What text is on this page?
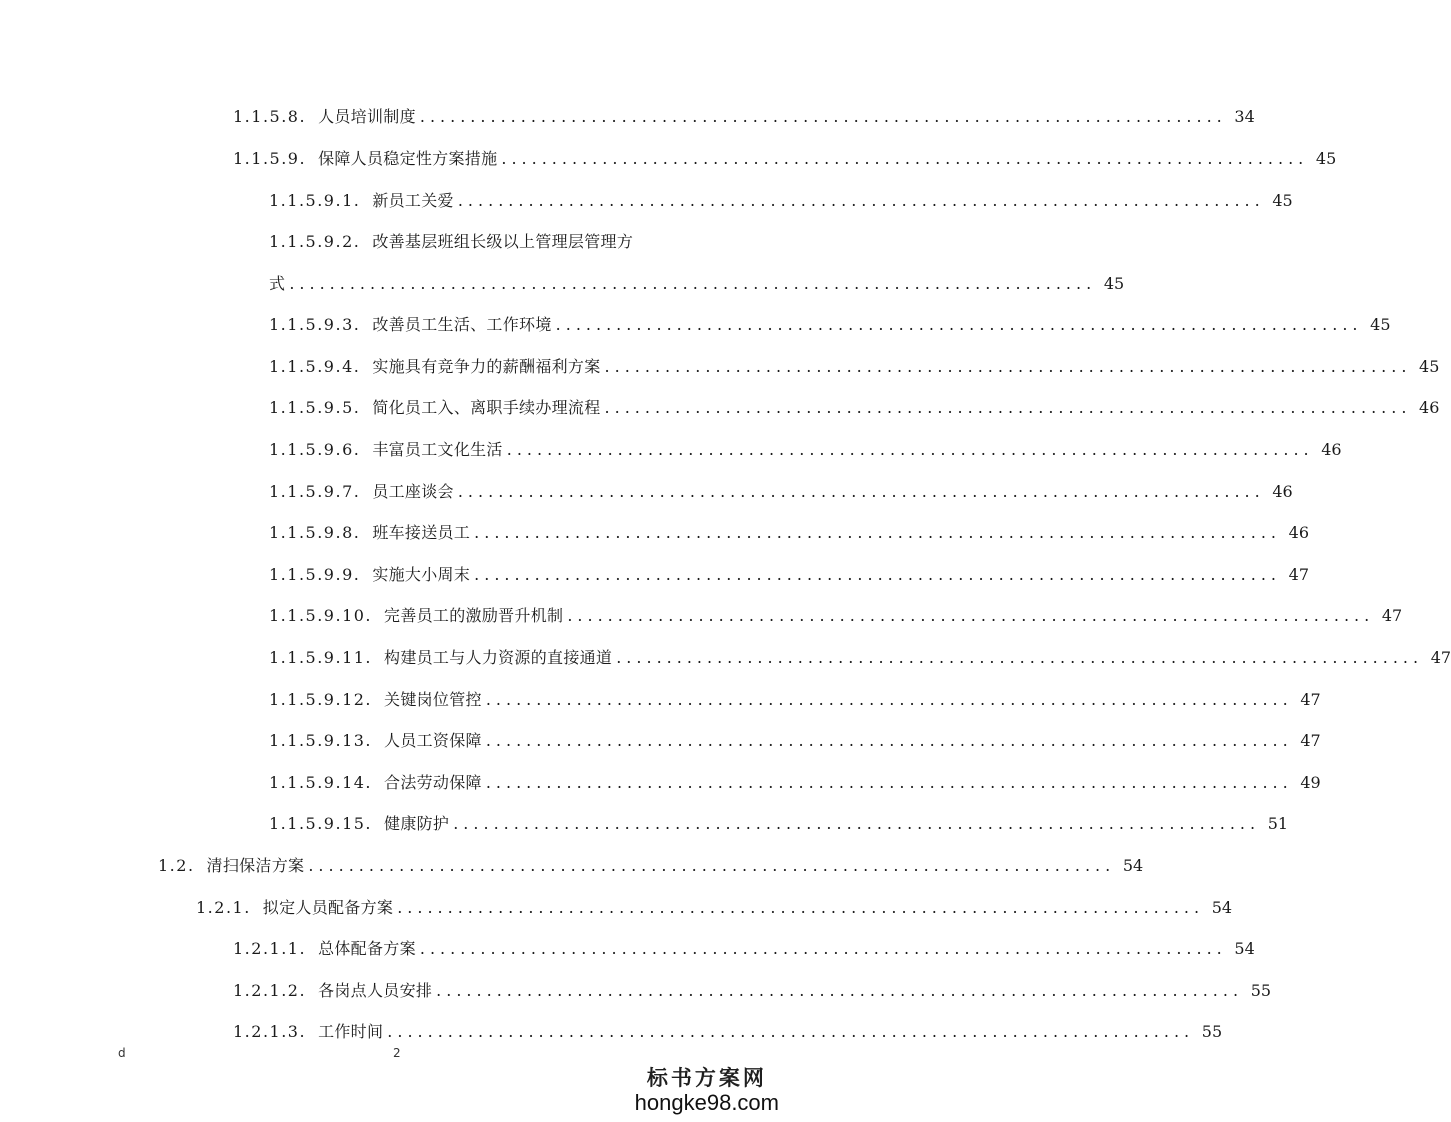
1.1.5.8. 人员培训制度 ................................................................................ 34
1.1.5.9. 保障人员稳定性方案措施 ................................................................................ 45
1.1.5.9.1. 新员工关爱 ................................................................................ 45
1.1.5.9.2. 改善基层班组长级以上管理层管理方
式 ................................................................................ 45
1.1.5.9.3. 改善员工生活、工作环境 ................................................................................ 45
1.1.5.9.4. 实施具有竞争力的薪酬福利方案 ................................................................................ 45
1.1.5.9.5. 简化员工入、离职手续办理流程 ................................................................................ 46
1.1.5.9.6. 丰富员工文化生活 ................................................................................ 46
1.1.5.9.7. 员工座谈会 ................................................................................ 46
1.1.5.9.8. 班车接送员工 ................................................................................ 46
1.1.5.9.9. 实施大小周末 ................................................................................ 47
1.1.5.9.10. 完善员工的激励晋升机制 ................................................................................ 47
1.1.5.9.11. 构建员工与人力资源的直接通道 ................................................................................ 47
1.1.5.9.12. 关键岗位管控 ................................................................................ 47
1.1.5.9.13. 人员工资保障 ................................................................................ 47
1.1.5.9.14. 合法劳动保障 ................................................................................ 49
1.1.5.9.15. 健康防护 ................................................................................ 51
1.2. 清扫保洁方案 ................................................................................ 54
1.2.1. 拟定人员配备方案 ................................................................................ 54
1.2.1.1. 总体配备方案 ................................................................................ 54
1.2.1.2. 各岗点人员安排 ................................................................................ 55
1.2.1.3. 工作时间 ................................................................................ 55
d	2
标书方案网
hongke98.com
